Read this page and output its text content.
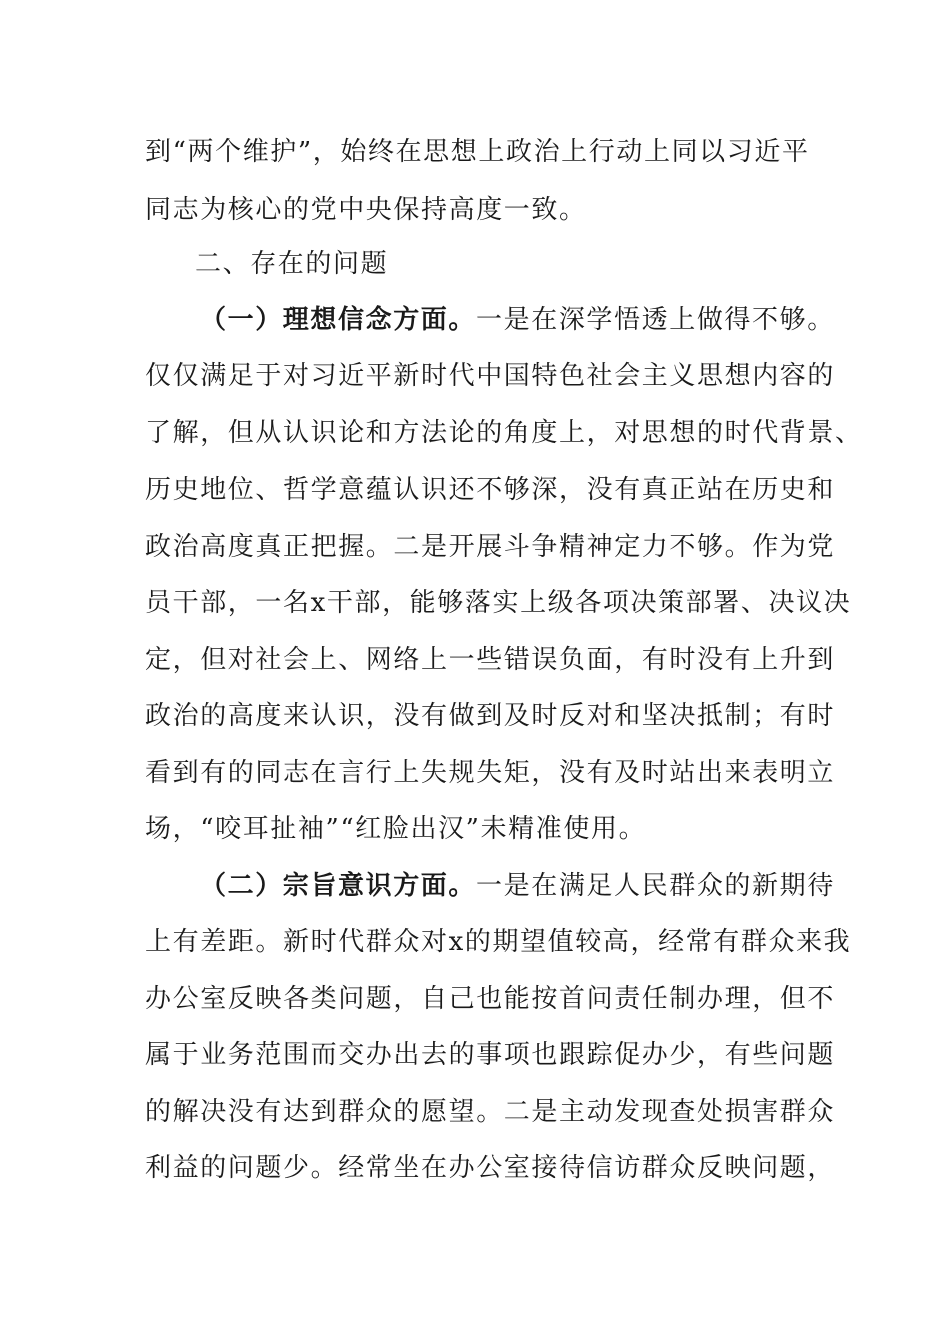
到“两个维护”，始终在思想上政治上行动上同以习近平
同志为核心的党中央保持高度一致。
二、存在的问题
（一）理想信念方面。一是在深学悟透上做得不够。
仅仅满足于对习近平新时代中国特色社会主义思想内容的
了解，但从认识论和方法论的角度上，对思想的时代背景、
历史地位、哲学意蕴认识还不够深，没有真正站在历史和
政治高度真正把握。二是开展斗争精神定力不够。作为党
员干部，一名x干部，能够落实上级各项决策部署、决议决
定，但对社会上、网络上一些错误负面，有时没有上升到
政治的高度来认识，没有做到及时反对和坚决抵制；有时
看到有的同志在言行上失规失矩，没有及时站出来表明立
场，“咬耳扯袖”“红脸出汉”未精准使用。
（二）宗旨意识方面。一是在满足人民群众的新期待
上有差距。新时代群众对x的期望值较高，经常有群众来我
办公室反映各类问题，自己也能按首问责任制办理，但不
属于业务范围而交办出去的事项也跟踪促办少，有些问题
的解决没有达到群众的愿望。二是主动发现查处损害群众
利益的问题少。经常坐在办公室接待信访群众反映问题，
